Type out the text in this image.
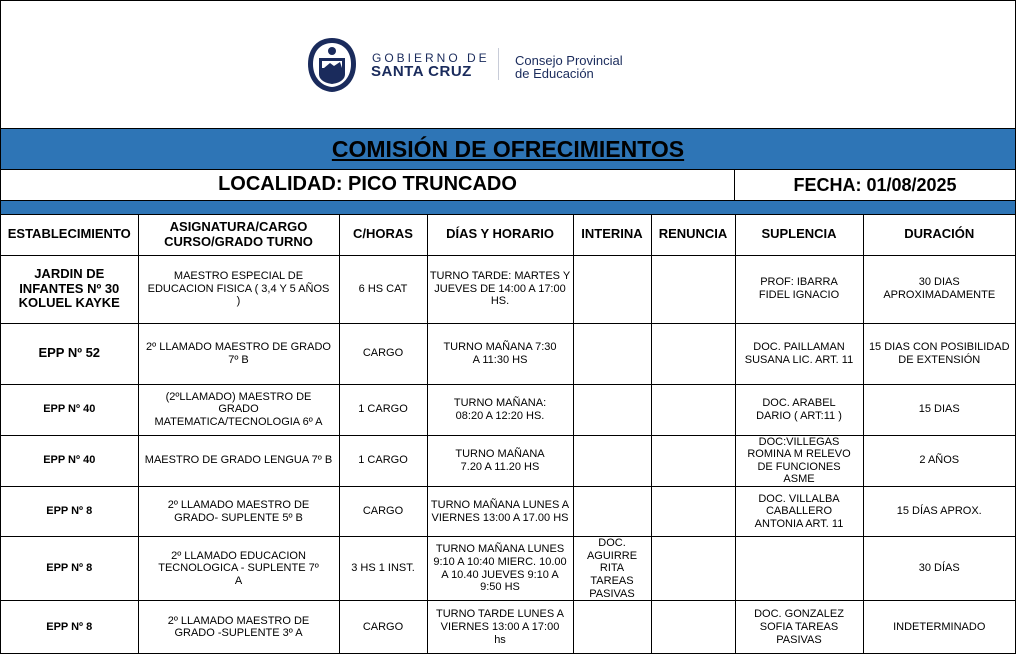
GOBIERNO DE
SANTA CRUZ
Consejo Provincial
de Educación
COMISIÓN DE OFRECIMIENTOS
LOCALIDAD: PICO TRUNCADO	FECHA: 01/08/2025
ESTABLECIMIENTO	ASIGNATURA/CARGO CURSO/GRADO TURNO	C/HORAS	DÍAS Y HORARIO	INTERINA	RENUNCIA	SUPLENCIA	DURACIÓN
JARDIN DE INFANTES Nº 30 KOLUEL KAYKE	MAESTRO ESPECIAL DE EDUCACION FISICA ( 3,4 Y 5 AÑOS )	6 HS CAT	TURNO TARDE: MARTES Y JUEVES DE 14:00 A 17:00 HS.			PROF: IBARRA FIDEL IGNACIO	30 DIAS APROXIMADAMENTE
EPP Nº 52	2º LLAMADO MAESTRO DE GRADO 7º B	CARGO	TURNO MAÑANA 7:30 A 11:30 HS			DOC. PAILLAMAN SUSANA LIC. ART. 11	15 DIAS CON POSIBILIDAD DE EXTENSIÓN
EPP Nº 40	(2ºLLAMADO) MAESTRO DE GRADO MATEMATICA/TECNOLOGIA 6º A	1 CARGO	TURNO MAÑANA: 08:20 A 12:20 HS.			DOC. ARABEL DARIO ( ART:11 )	15 DIAS
EPP Nº 40	MAESTRO DE GRADO LENGUA 7º B	1 CARGO	TURNO MAÑANA 7.20 A 11.20 HS			DOC:VILLEGAS ROMINA M RELEVO DE FUNCIONES ASME	2 AÑOS
EPP Nº 8	2º LLAMADO MAESTRO DE GRADO- SUPLENTE 5º B	CARGO	TURNO MAÑANA LUNES A VIERNES 13:00 A 17.00 HS			DOC. VILLALBA CABALLERO ANTONIA ART. 11	15 DÍAS APROX.
EPP Nº 8	2º LLAMADO EDUCACION TECNOLOGICA - SUPLENTE 7º A	3 HS 1 INST.	TURNO MAÑANA LUNES 9:10 A 10:40 MIERC. 10.00 A 10.40 JUEVES 9:10 A 9:50 HS	DOC. AGUIRRE RITA TAREAS PASIVAS			30 DÍAS
EPP Nº 8	2º LLAMADO MAESTRO DE GRADO -SUPLENTE 3º A	CARGO	TURNO TARDE LUNES A VIERNES 13:00 A 17:00 hs			DOC. GONZALEZ SOFIA TAREAS PASIVAS	INDETERMINADO
